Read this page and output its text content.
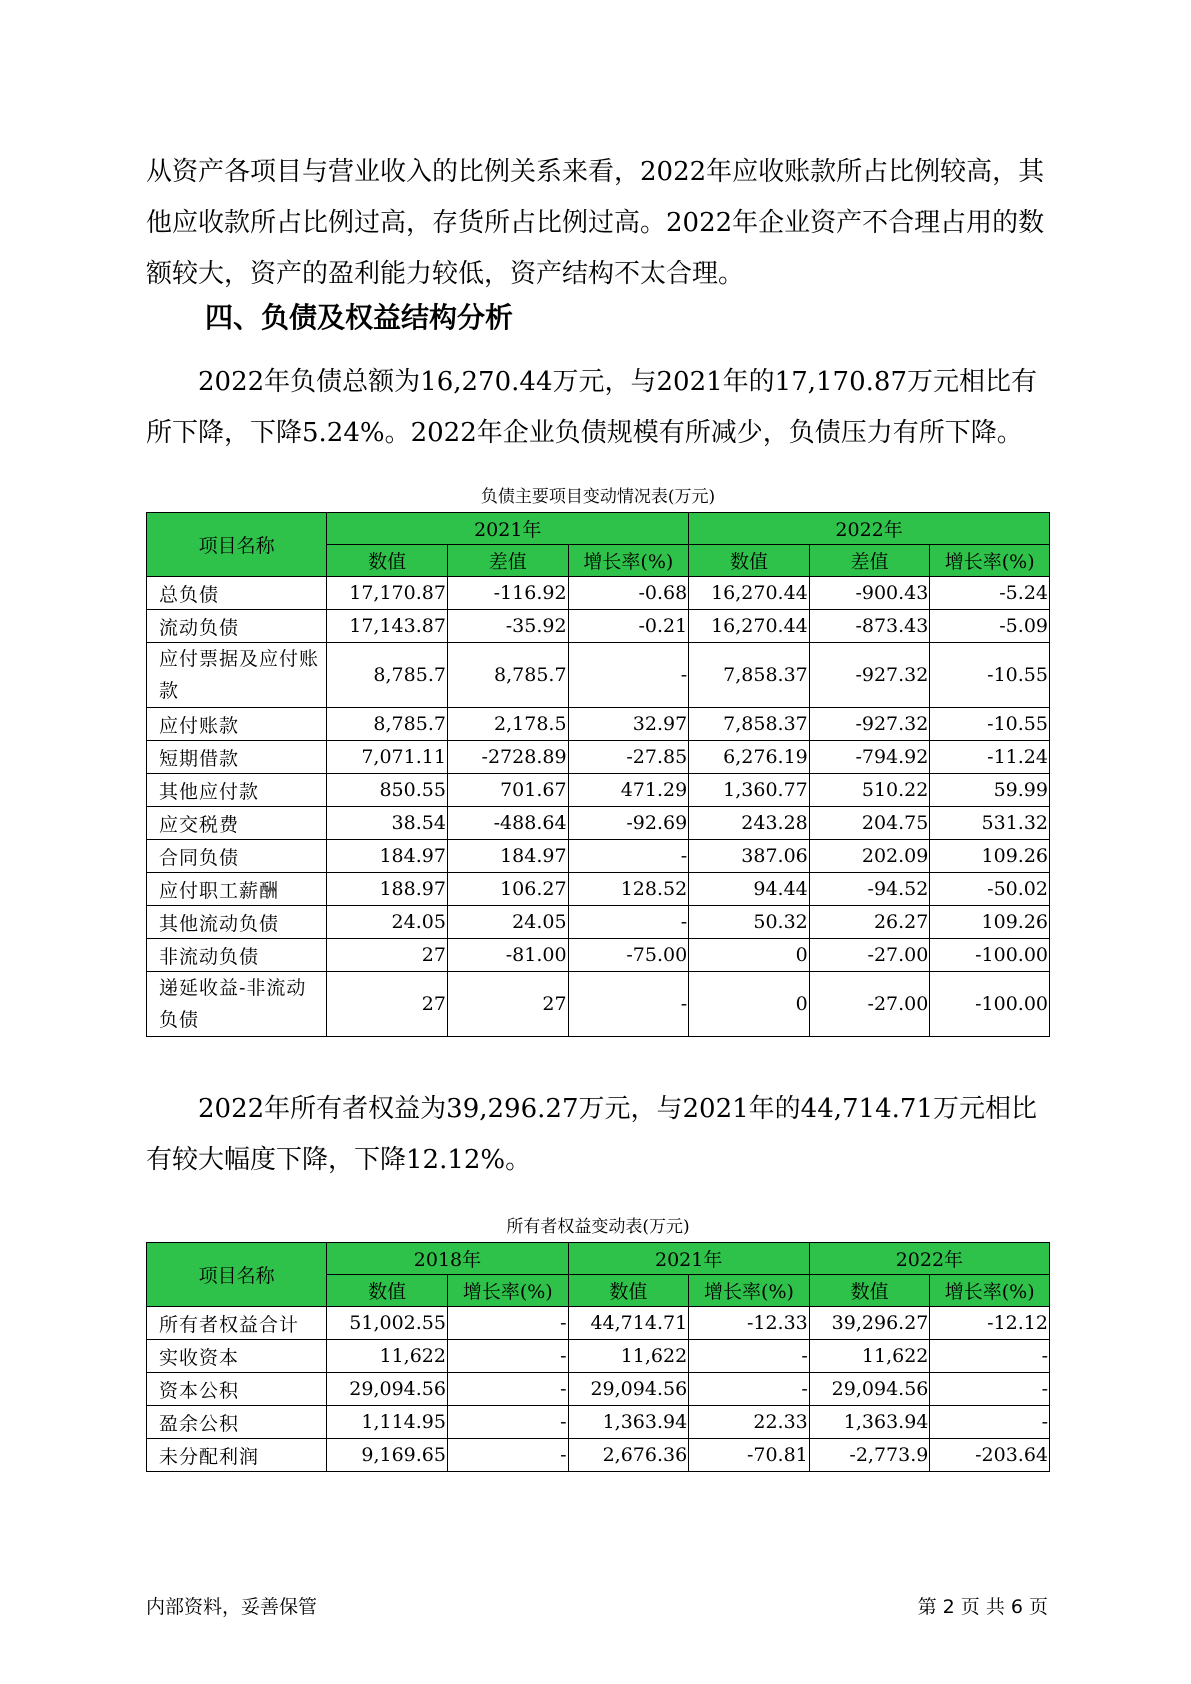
从资产各项目与营业收入的比例关系来看，2022年应收账款所占比例较高，其他应收款所占比例过高，存货所占比例过高。2022年企业资产不合理占用的数额较大，资产的盈利能力较低，资产结构不太合理。

四、负债及权益结构分析

2022年负债总额为16,270.44万元，与2021年的17,170.87万元相比有所下降，下降5.24%。2022年企业负债规模有所减少，负债压力有所下降。

负债主要项目变动情况表(万元)
项目名称	2021年			2022年		
	数值	差值	增长率(%)	数值	差值	增长率(%)
总负债	17,170.87	-116.92	-0.68	16,270.44	-900.43	-5.24
流动负债	17,143.87	-35.92	-0.21	16,270.44	-873.43	-5.09

应付票据及应付账款	8,785.7	8,785.7	-	7,858.37	-927.32	-10.55
应付账款	8,785.7	2,178.5	32.97	7,858.37	-927.32	-10.55
短期借款	7,071.11	-2728.89	-27.85	6,276.19	-794.92	-11.24
其他应付款	850.55	701.67	471.29	1,360.77	510.22	59.99
应交税费	38.54	-488.64	-92.69	243.28	204.75	531.32
合同负债	184.97	184.97	-	387.06	202.09	109.26
应付职工薪酬	188.97	106.27	128.52	94.44	-94.52	-50.02
其他流动负债	24.05	24.05	-	50.32	26.27	109.26
非流动负债	27	-81.00	-75.00	0	-27.00	-100.00

递延收益-非流动负债	27	27	-	0	-27.00	-100.00

2022年所有者权益为39,296.27万元，与2021年的44,714.71万元相比有较大幅度下降，下降12.12%。

所有者权益变动表(万元)
项目名称	2018年		2021年		2022年	
	数值	增长率(%)	数值	增长率(%)	数值	增长率(%)
所有者权益合计	51,002.55	-	44,714.71	-12.33	39,296.27	-12.12
实收资本	11,622	-	11,622	-	11,622	-
资本公积	29,094.56	-	29,094.56	-	29,094.56	-
盈余公积	1,114.95	-	1,363.94	22.33	1,363.94	-
未分配利润	9,169.65	-	2,676.36	-70.81	-2,773.9	-203.64
内部资料，妥善保管	第 2 页 共 6 页
